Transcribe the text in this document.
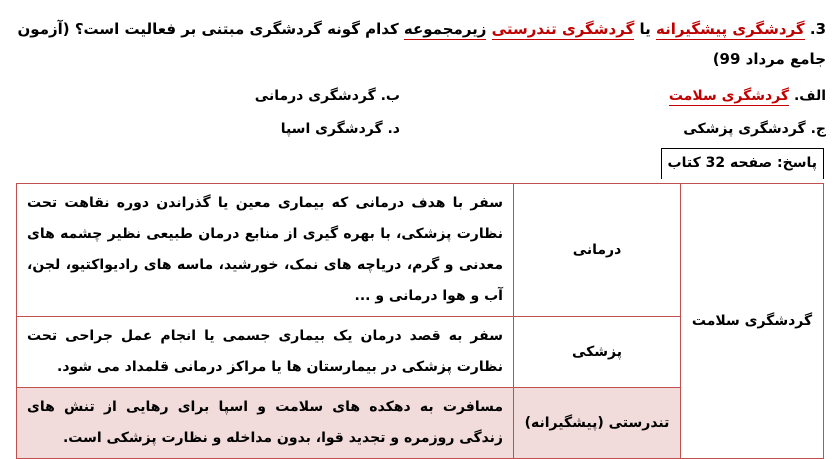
3. گردشگری پیشگیرانه یا گردشگری تندرستی زیرمجموعه کدام گونه گردشگری مبتنی بر فعالیت است؟ (آزمون جامع مرداد 99)
الف. گردشگری سلامت
ب. گردشگری درمانی
ج. گردشگری پزشکی
د. گردشگری اسپا
پاسخ: صفحه 32 کتاب
گردشگری سلامت	درمانی	سفر با هدف درمانی که بیماری معین یا گذراندن دوره نقاهت تحت نظارت پزشکی، با بهره گیری از منابع درمان طبیعی نظیر چشمه های معدنی و گرم، دریاچه های نمک، خورشید، ماسه های رادیواکتیو، لجن، آب و هوا درمانی و ...
	پزشکی	سفر به قصد درمان یک بیماری جسمی یا انجام عمل جراحی تحت نظارت پزشکی در بیمارستان ها یا مراکز درمانی قلمداد می شود.
	تندرستی (پیشگیرانه)	مسافرت به دهکده های سلامت و اسپا برای رهایی از تنش های زندگی روزمره و تجدید قوا، بدون مداخله و نظارت پزشکی است.
